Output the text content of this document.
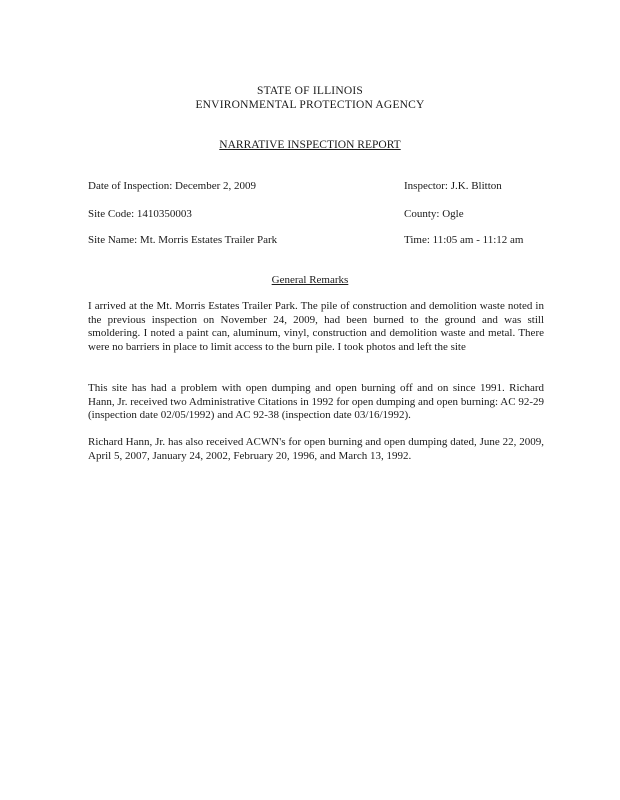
STATE OF ILLINOIS
ENVIRONMENTAL PROTECTION AGENCY
NARRATIVE INSPECTION REPORT
Date of Inspection: December 2, 2009	Inspector: J.K. Blitton
Site Code: 1410350003	County: Ogle
Site Name: Mt. Morris Estates Trailer Park	Time: 11:05 am - 11:12 am
General Remarks
I arrived at the Mt. Morris Estates Trailer Park. The pile of construction and demolition waste noted in the previous inspection on November 24, 2009, had been burned to the ground and was still smoldering. I noted a paint can, aluminum, vinyl, construction and demolition waste and metal. There were no barriers in place to limit access to the burn pile. I took photos and left the site
This site has had a problem with open dumping and open burning off and on since 1991. Richard Hann, Jr. received two Administrative Citations in 1992 for open dumping and open burning: AC 92-29 (inspection date 02/05/1992) and AC 92-38 (inspection date 03/16/1992).
Richard Hann, Jr. has also received ACWN's for open burning and open dumping dated, June 22, 2009, April 5, 2007, January 24, 2002, February 20, 1996, and March 13, 1992.
